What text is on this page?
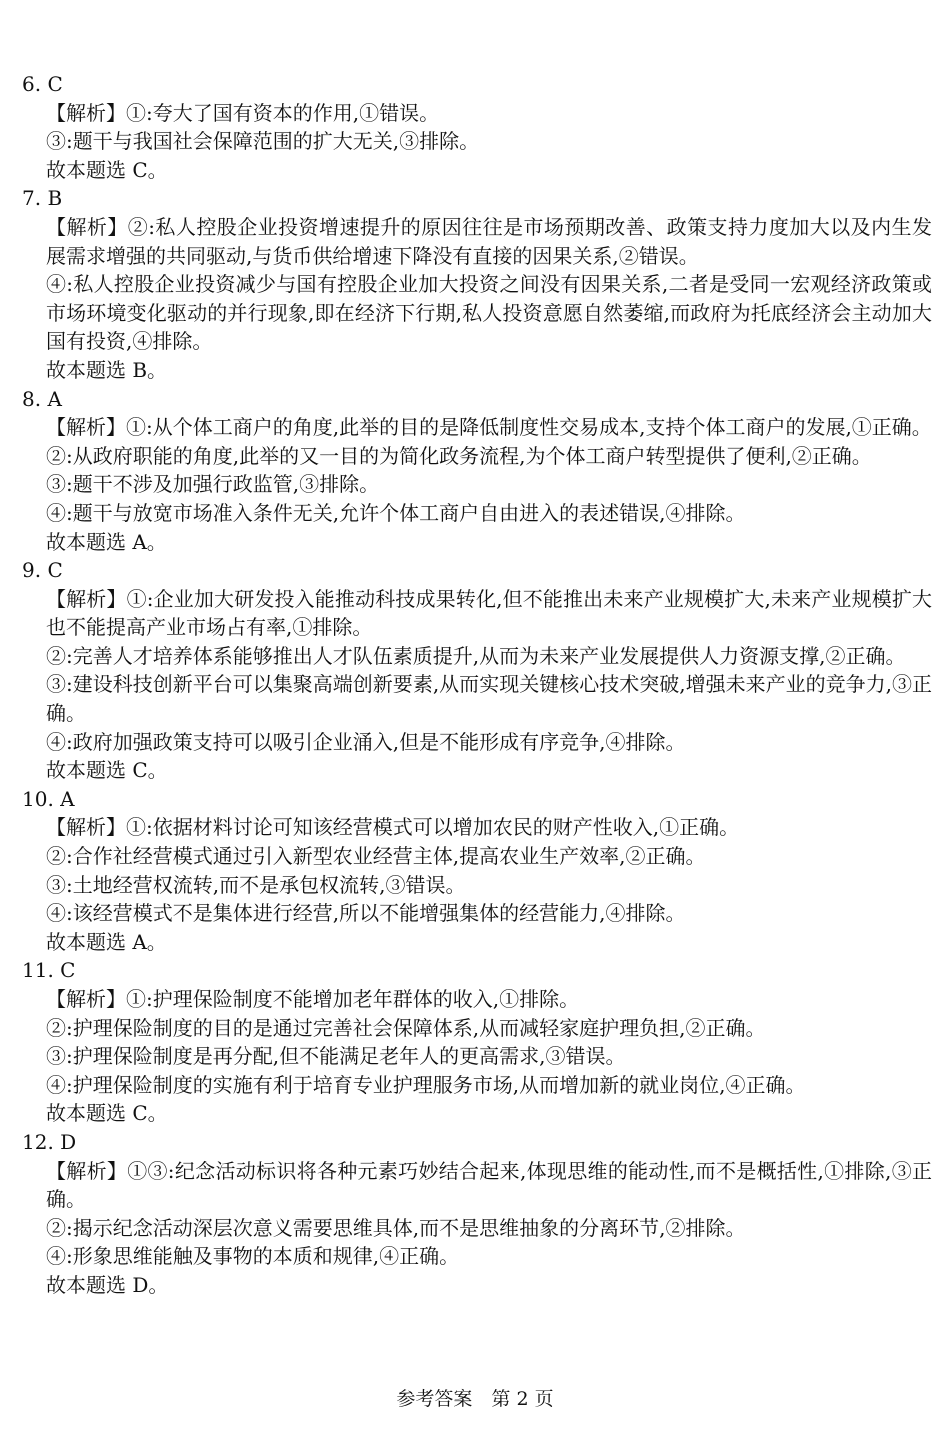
6. C

【解析】①:夸大了国有资本的作用,①错误。

③:题干与我国社会保障范围的扩大无关,③排除。

故本题选 C。

7. B

【解析】②:私人控股企业投资增速提升的原因往往是市场预期改善、政策支持力度加大以及内生发展需求增强的共同驱动,与货币供给增速下降没有直接的因果关系,②错误。

④:私人控股企业投资减少与国有控股企业加大投资之间没有因果关系,二者是受同一宏观经济政策或市场环境变化驱动的并行现象,即在经济下行期,私人投资意愿自然萎缩,而政府为托底经济会主动加大国有投资,④排除。

故本题选 B。

8. A

【解析】①:从个体工商户的角度,此举的目的是降低制度性交易成本,支持个体工商户的发展,①正确。

②:从政府职能的角度,此举的又一目的为简化政务流程,为个体工商户转型提供了便利,②正确。

③:题干不涉及加强行政监管,③排除。

④:题干与放宽市场准入条件无关,允许个体工商户自由进入的表述错误,④排除。

故本题选 A。

9. C

【解析】①:企业加大研发投入能推动科技成果转化,但不能推出未来产业规模扩大,未来产业规模扩大也不能提高产业市场占有率,①排除。

②:完善人才培养体系能够推出人才队伍素质提升,从而为未来产业发展提供人力资源支撑,②正确。

③:建设科技创新平台可以集聚高端创新要素,从而实现关键核心技术突破,增强未来产业的竞争力,③正确。

④:政府加强政策支持可以吸引企业涌入,但是不能形成有序竞争,④排除。

故本题选 C。

10. A

【解析】①:依据材料讨论可知该经营模式可以增加农民的财产性收入,①正确。

②:合作社经营模式通过引入新型农业经营主体,提高农业生产效率,②正确。

③:土地经营权流转,而不是承包权流转,③错误。

④:该经营模式不是集体进行经营,所以不能增强集体的经营能力,④排除。

故本题选 A。

11. C

【解析】①:护理保险制度不能增加老年群体的收入,①排除。

②:护理保险制度的目的是通过完善社会保障体系,从而减轻家庭护理负担,②正确。

③:护理保险制度是再分配,但不能满足老年人的更高需求,③错误。

④:护理保险制度的实施有利于培育专业护理服务市场,从而增加新的就业岗位,④正确。

故本题选 C。

12. D

【解析】①③:纪念活动标识将各种元素巧妙结合起来,体现思维的能动性,而不是概括性,①排除,③正确。

②:揭示纪念活动深层次意义需要思维具体,而不是思维抽象的分离环节,②排除。

④:形象思维能触及事物的本质和规律,④正确。

故本题选 D。

参考答案　第 2 页
